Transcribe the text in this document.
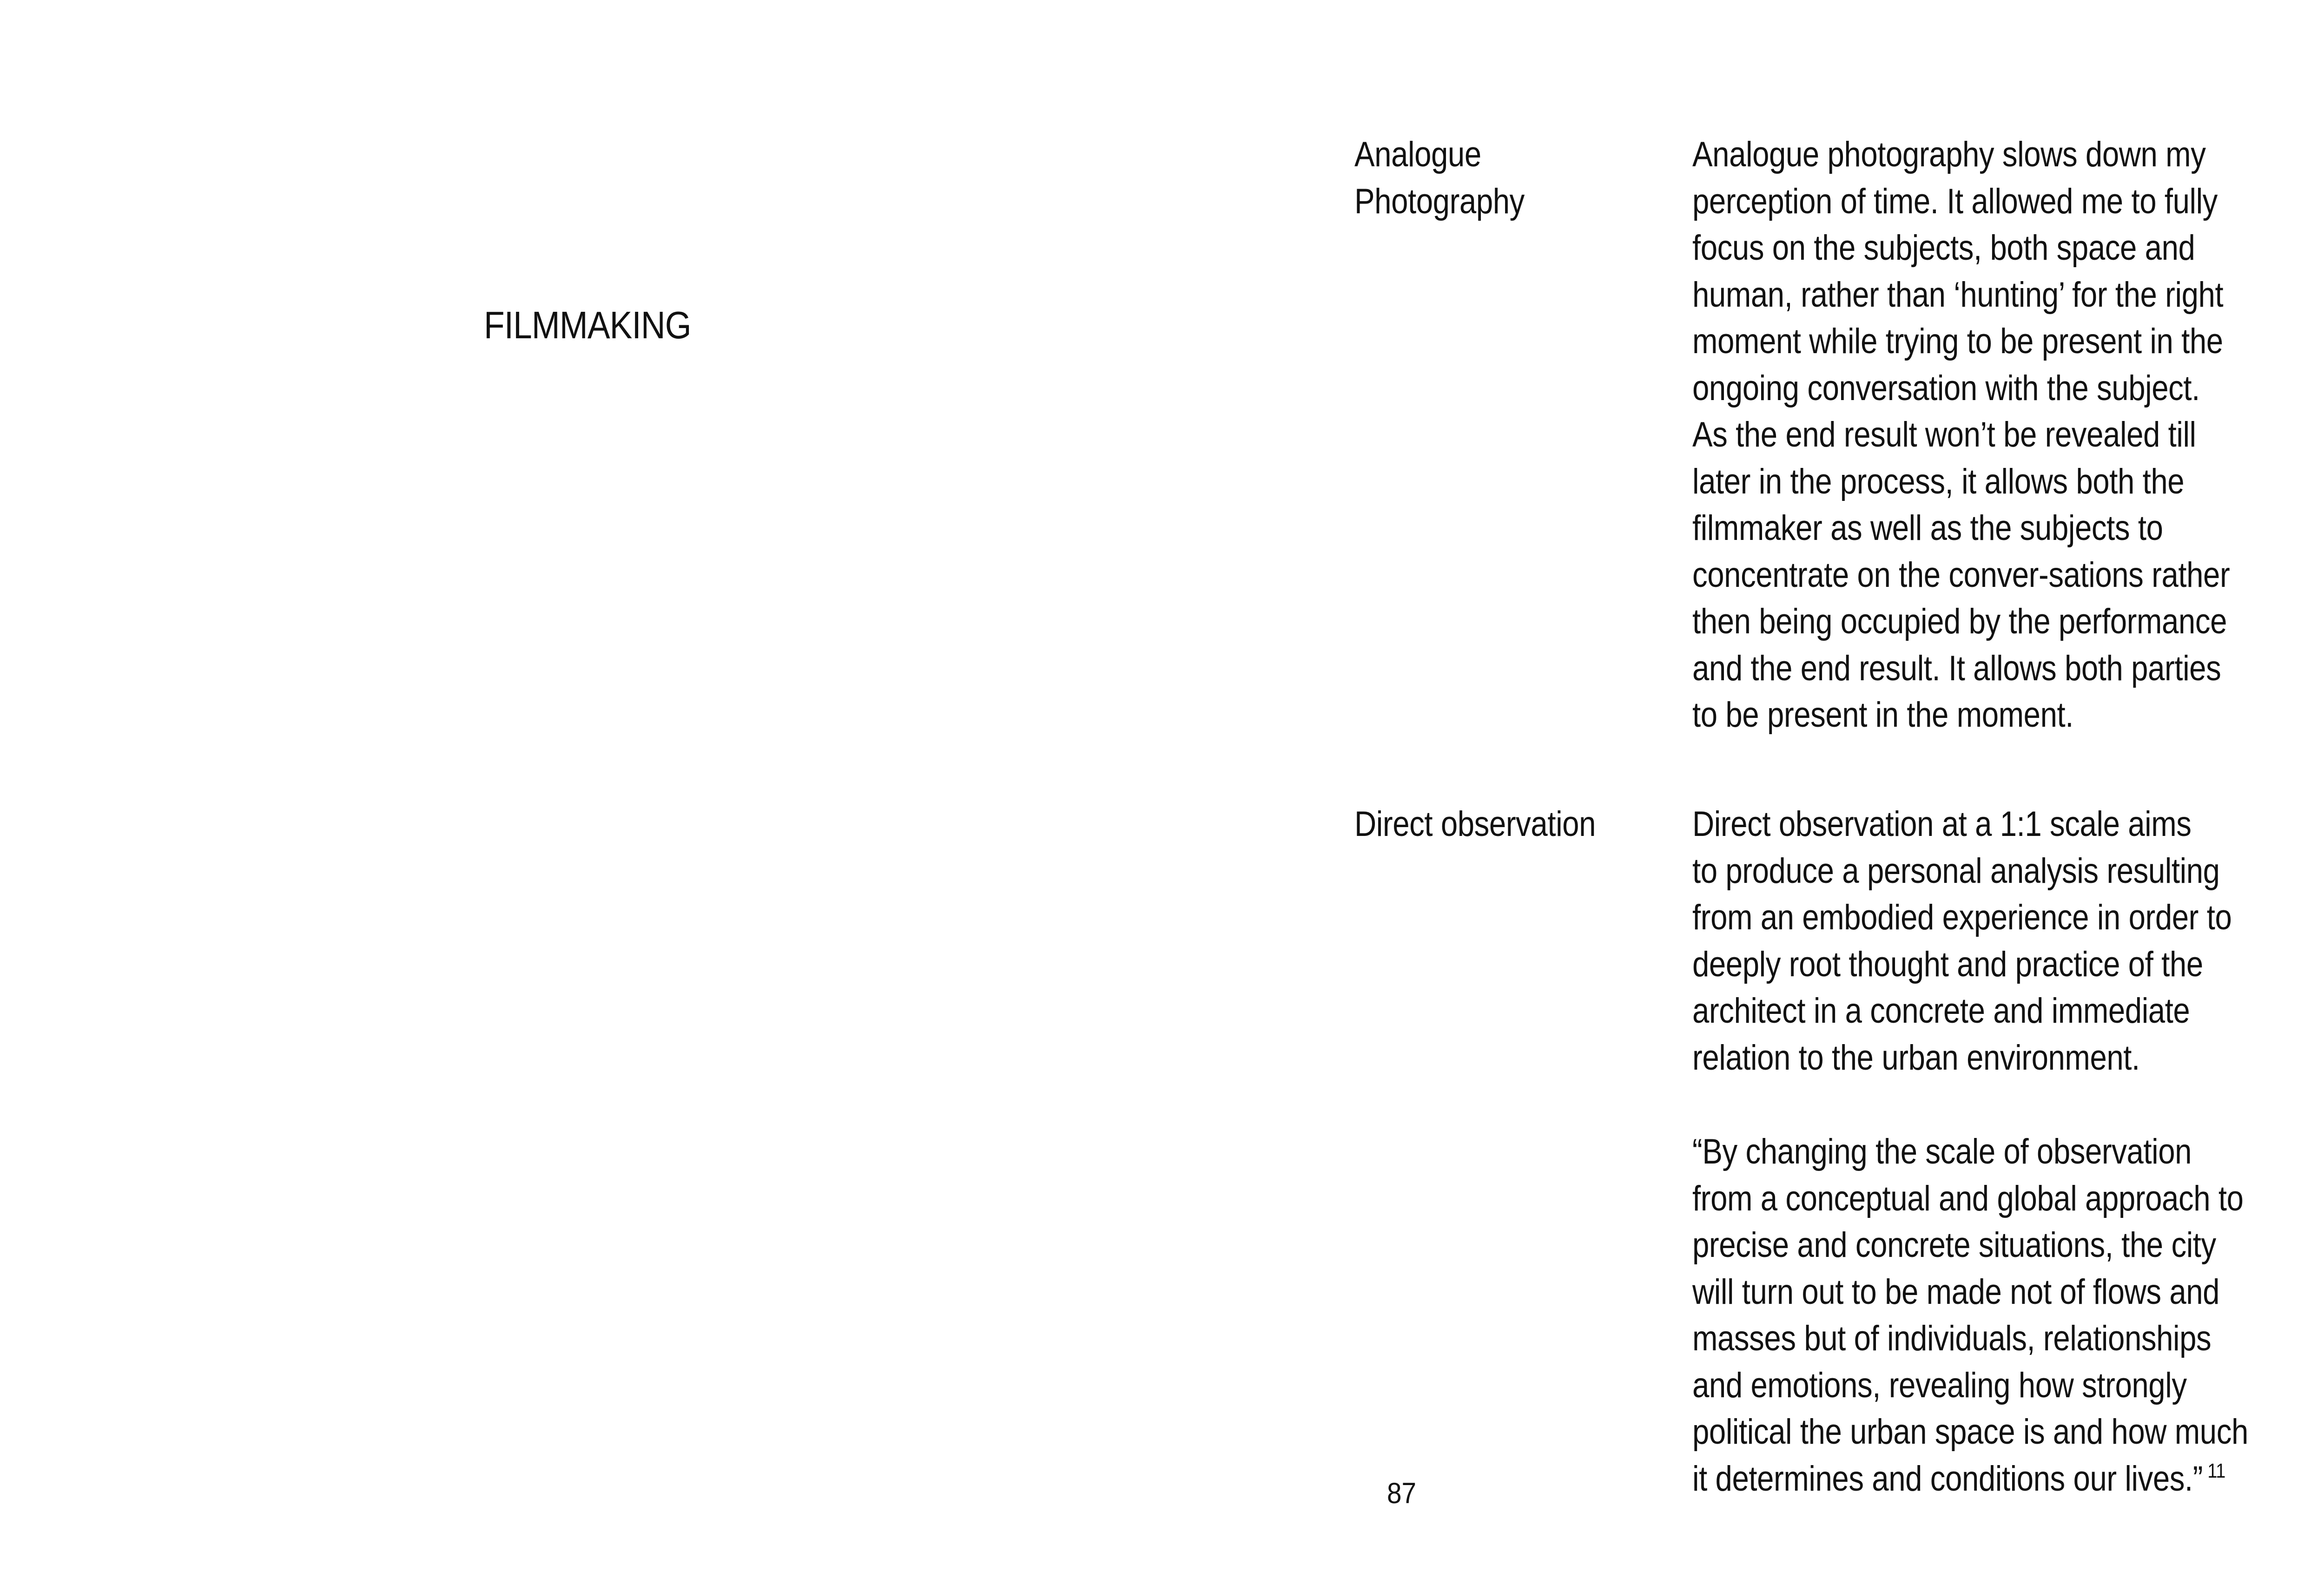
FILMMAKING
Analogue
Photography
Analogue photography slows down my
perception of time. It allowed me to fully
focus on the subjects, both space and
human, rather than ‘hunting’ for the right
moment while trying to be present in the
ongoing conversation with the subject.
As the end result won’t be revealed till
later in the process, it allows both the
filmmaker as well as the subjects to
concentrate on the conver-sations rather
then being occupied by the performance
and the end result. It allows both parties
to be present in the moment.
Direct observation	Direct observation at a 1:1 scale aims
to produce a personal analysis resulting
from an embodied experience in order to
deeply root thought and practice of the
architect in a concrete and immediate
relation to the urban environment.
“By changing the scale of observation
from a conceptual and global approach to
precise and concrete situations, the city
will turn out to be made not of flows and
masses but of individuals, relationships
and emotions, revealing how strongly
political the urban space is and how much
it determines and conditions our lives.” $^{11}$
87
